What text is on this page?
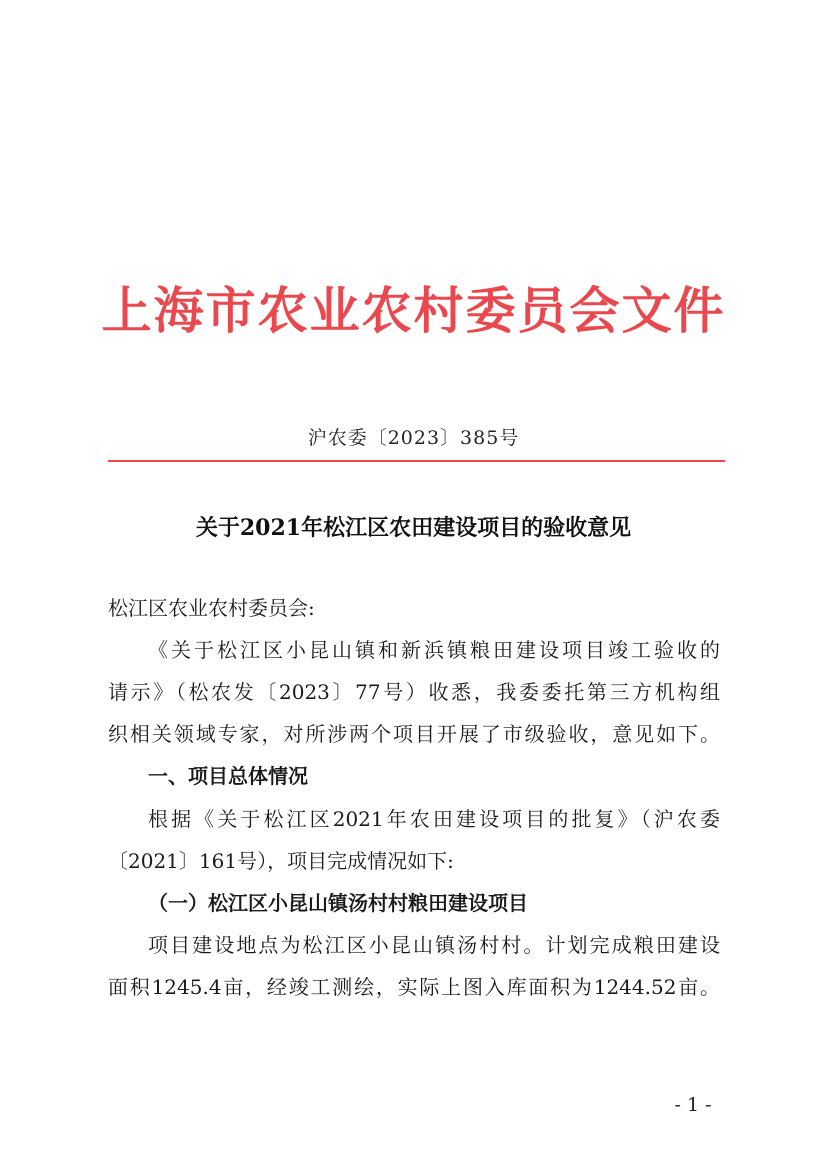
上海市农业农村委员会文件
沪农委〔2023〕385号
关于2021年松江区农田建设项目的验收意见
松江区农业农村委员会:
《关于松江区小昆山镇和新浜镇粮田建设项目竣工验收的
请示》（松农发〔2023〕77号）收悉，我委委托第三方机构组
织相关领域专家，对所涉两个项目开展了市级验收，意见如下。
一、项目总体情况
根据《关于松江区2021年农田建设项目的批复》（沪农委
〔2021〕161号），项目完成情况如下:
（一）松江区小昆山镇汤村村粮田建设项目
项目建设地点为松江区小昆山镇汤村村。计划完成粮田建设
面积1245.4亩，经竣工测绘，实际上图入库面积为1244.52亩。
- 1 -
